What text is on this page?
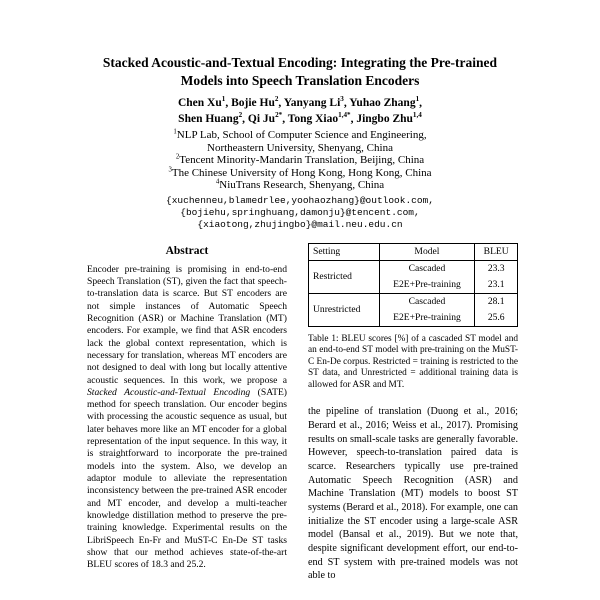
Stacked Acoustic-and-Textual Encoding: Integrating the Pre-trained Models into Speech Translation Encoders
Chen Xu$^1$, Bojie Hu$^2$, Yanyang Li$^3$, Yuhao Zhang$^1$,
Shen Huang$^2$, Qi $Ju^{2*}$, Tong Xiao$^{1,4*}$, Jingbo Zhu$^{1,4}$
$^1$NLP Lab, School of Computer Science and Engineering, Northeastern University, Shenyang, China
$^2$Tencent Minority-Mandarin Translation, Beijing, China
$^3$The Chinese University of Hong Kong, Hong Kong, China
$^4$NiuTrans Research, Shenyang, China
{xuchenneu,blamedrlee,yoohaozhang}@outlook.com,
{bojiehu,springhuang,damonju}@tencent.com,
{xiaotong,zhujingbo}@mail.neu.edu.cn
Abstract

Encoder pre-training is promising in end-to-end Speech Translation (ST), given the fact that speech-to-translation data is scarce. But ST encoders are not simple instances of Automatic Speech Recognition (ASR) or Machine Translation (MT) encoders. For example, we find that ASR encoders lack the global context representation, which is necessary for translation, whereas MT encoders are not designed to deal with long but locally attentive acoustic sequences. In this work, we propose a Stacked Acoustic-and-Textual Encoding (SATE) method for speech translation. Our encoder begins with processing the acoustic sequence as usual, but later behaves more like an MT encoder for a global representation of the input sequence. In this way, it is straightforward to incorporate the pre-trained models into the system. Also, we develop an adaptor module to alleviate the representation inconsistency between the pre-trained ASR encoder and MT encoder, and develop a multi-teacher knowledge distillation method to preserve the pre-training knowledge. Experimental results on the LibriSpeech En-Fr and MuST-C En-De ST tasks show that our method achieves state-of-the-art BLEU scores of 18.3 and 25.2.

Setting	Model	BLEU
Restricted	Cascaded	23.3
	E2E+Pre-training	23.1
Unrestricted	Cascaded	28.1
	E2E+Pre-training	25.6

Table 1: BLEU scores [%] of a cascaded ST model and an end-to-end ST model with pre-training on the MuST-C En-De corpus. Restricted = training is restricted to the ST data, and Unrestricted = additional training data is allowed for ASR and MT.

the pipeline of translation (Duong et al., 2016; Berard et al., 2016; Weiss et al., 2017). Promising results on small-scale tasks are generally favorable. However, speech-to-translation paired data is scarce. Researchers typically use pre-trained Automatic Speech Recognition (ASR) and Machine Translation (MT) models to boost ST systems (Berard et al., 2018). For example, one can initialize the ST encoder using a large-scale ASR model (Bansal et al., 2019). But we note that, despite significant development effort, our end-to-end ST system with pre-trained models was not able to
